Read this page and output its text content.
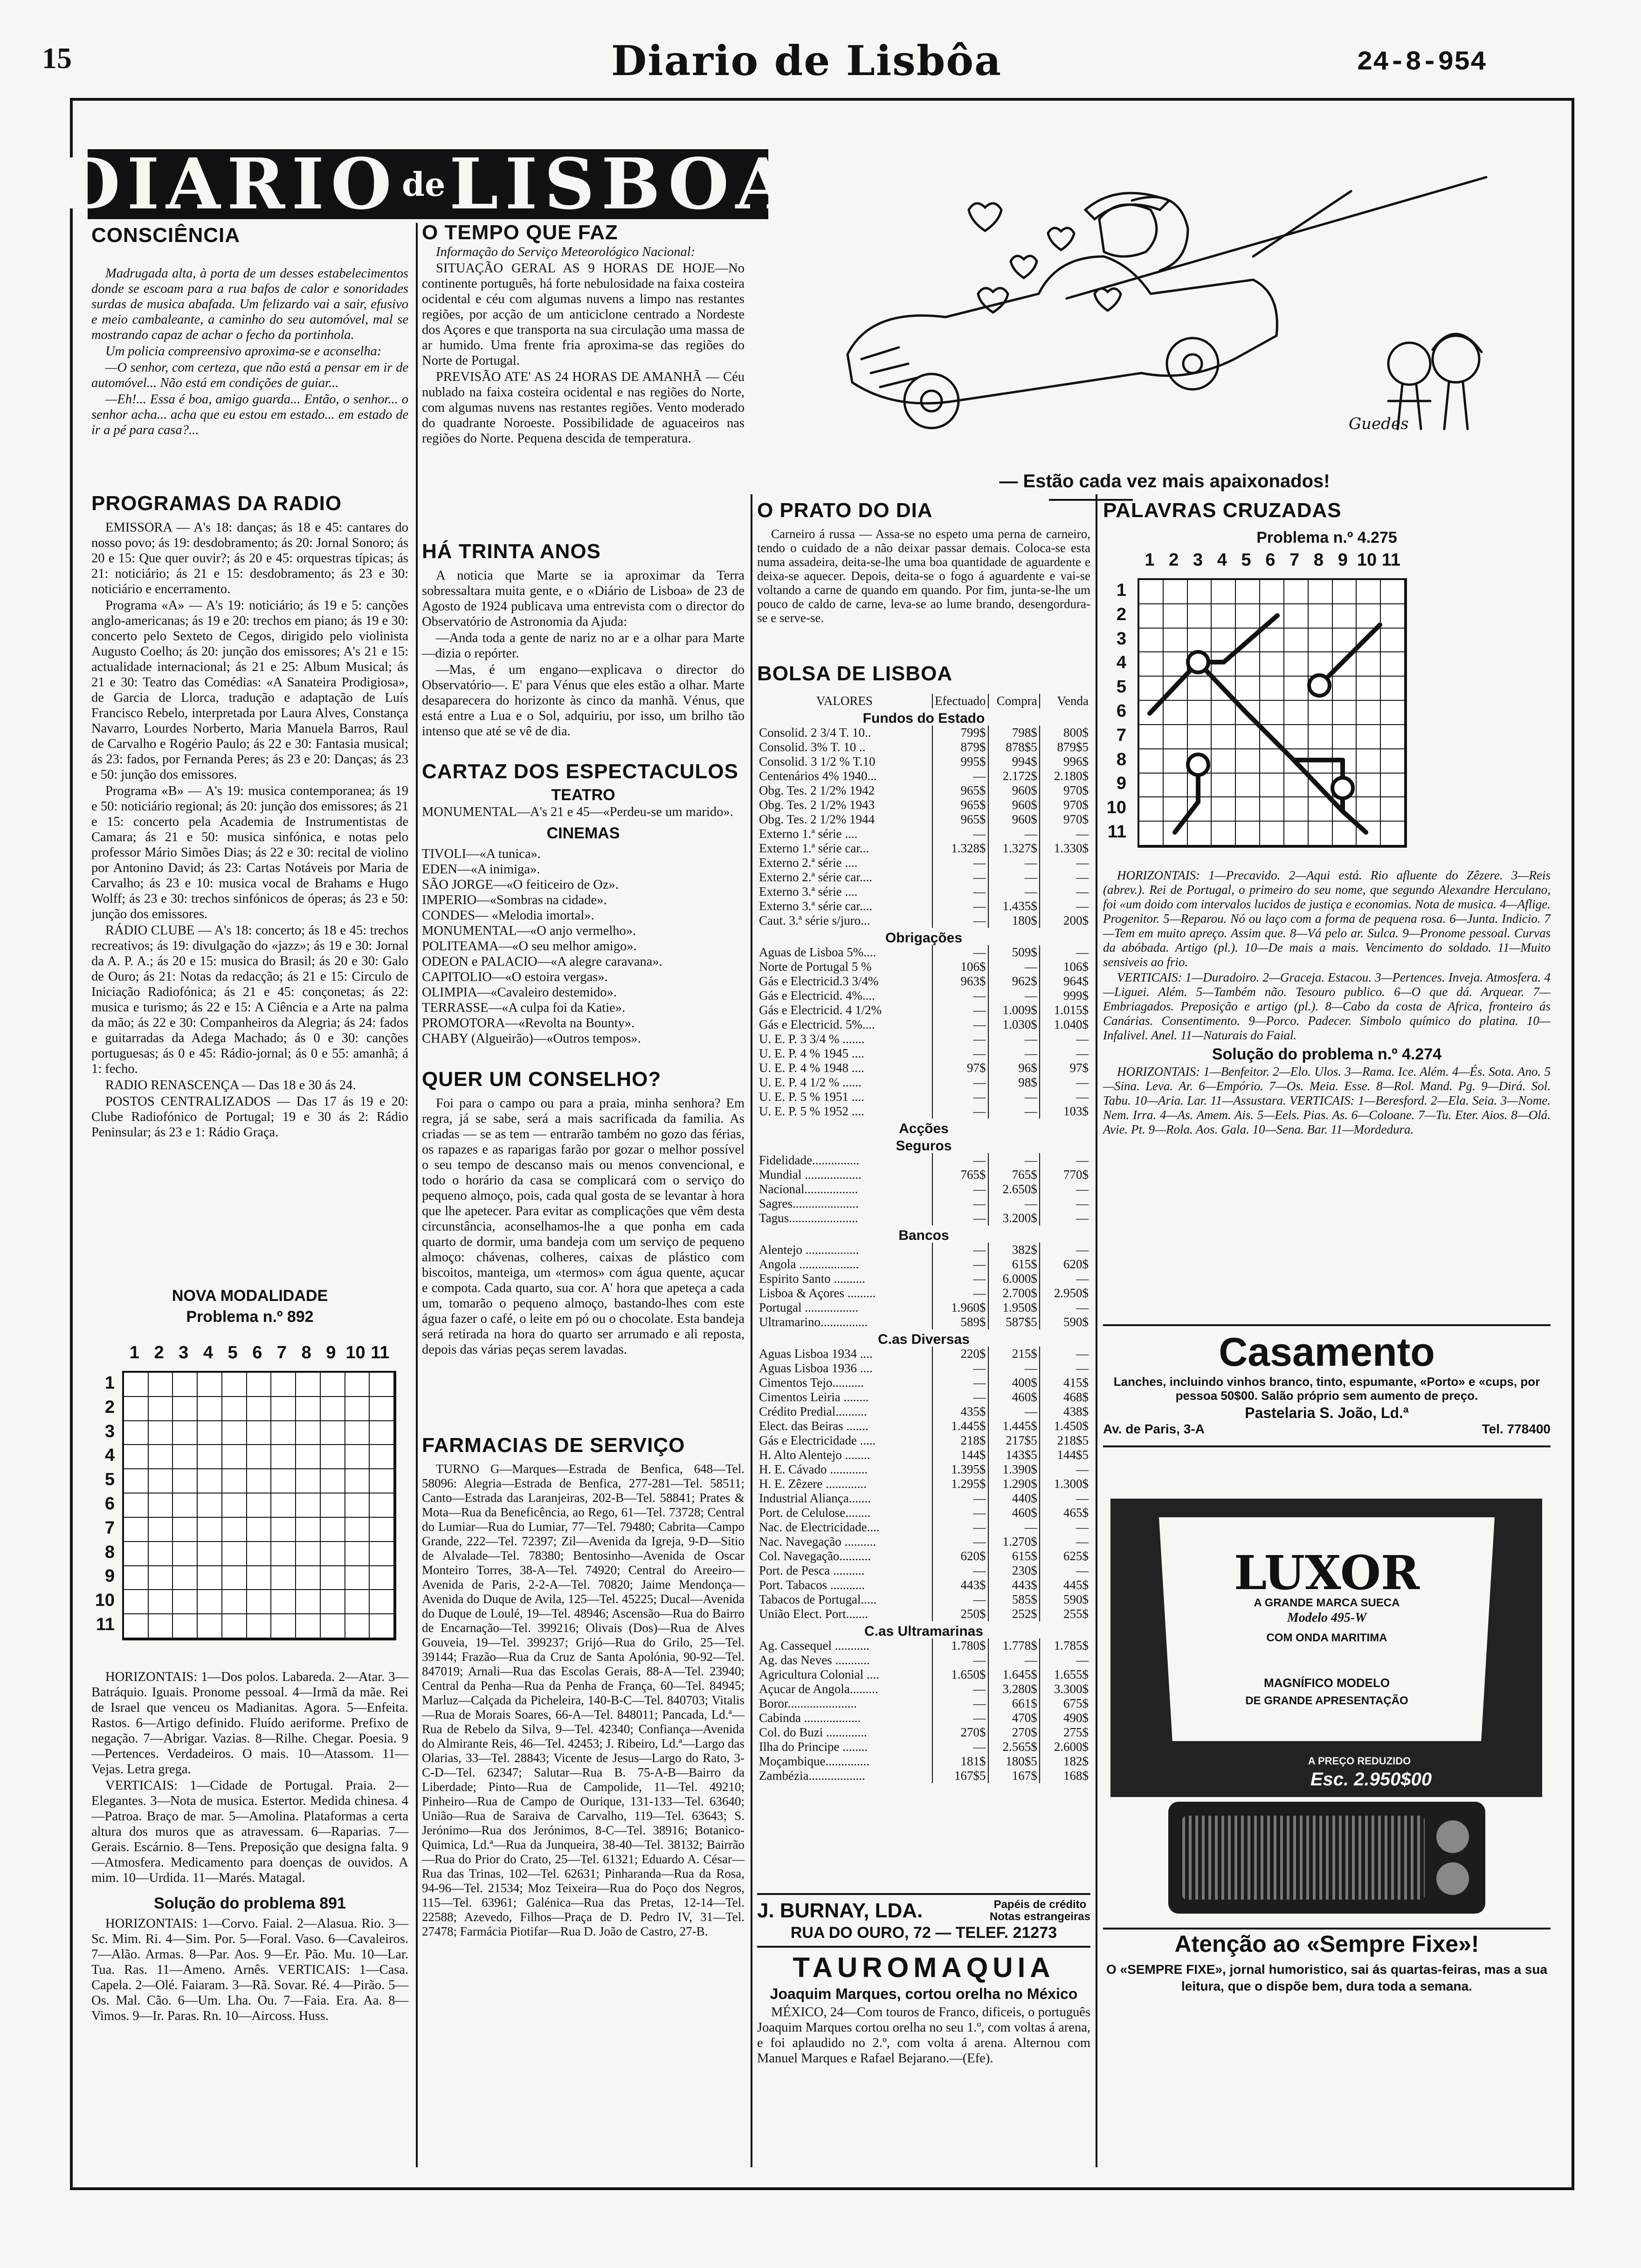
15	Diario de Lisbôa	24-8-954
DIARIO de LISBOA
CONSCIÊNCIA

Madrugada alta, à porta de um desses estabelecimentos donde se escoam para a rua bafos de calor e sonoridades surdas de musica abafada. Um felizardo vai a sair, efusivo e meio cambaleante, a caminho do seu automóvel, mal se mostrando capaz de achar o fecho da portinhola.

Um policia compreensivo aproxima-se e aconselha:

—O senhor, com certeza, que não está a pensar em ir de automóvel... Não está em condições de guiar...

—Eh!... Essa é boa, amigo guarda... Então, o senhor... o senhor acha... acha que eu estou em estado... em estado de ir a pé para casa?...

PROGRAMAS DA RADIO

EMISSORA — A's 18: danças; ás 18 e 45: cantares do nosso povo; ás 19: desdobramento; ás 20: Jornal Sonoro; ás 20 e 15: Que quer ouvir?; ás 20 e 45: orquestras típicas; ás 21: noticiário; ás 21 e 15: desdobramento; ás 23 e 30: noticiário e encerramento.

Programa «A» — A's 19: noticiário; ás 19 e 5: canções anglo-americanas; ás 19 e 20: trechos em piano; ás 19 e 30: concerto pelo Sexteto de Cegos, dirigido pelo violinista Augusto Coelho; ás 20: junção dos emissores; A's 21 e 15: actualidade internacional; ás 21 e 25: Album Musical; ás 21 e 30: Teatro das Comédias: «A Sanateira Prodigiosa», de Garcia de Llorca, tradução e adaptação de Luís Francisco Rebelo, interpretada por Laura Alves, Constança Navarro, Lourdes Norberto, Maria Manuela Barros, Raul de Carvalho e Rogério Paulo; ás 22 e 30: Fantasia musical; ás 23: fados, por Fernanda Peres; ás 23 e 20: Danças; ás 23 e 50: junção dos emissores.

Programa «B» — A's 19: musica contemporanea; ás 19 e 50: noticiário regional; ás 20: junção dos emissores; ás 21 e 15: concerto pela Academia de Instrumentistas de Camara; ás 21 e 50: musica sinfónica, e notas pelo professor Mário Simões Dias; ás 22 e 30: recital de violino por Antonino David; ás 23: Cartas Notáveis por Maria de Carvalho; ás 23 e 10: musica vocal de Brahams e Hugo Wolff; ás 23 e 30: trechos sinfónicos de óperas; ás 23 e 50: junção dos emissores.

RÁDIO CLUBE — A's 18: concerto; ás 18 e 45: trechos recreativos; ás 19: divulgação do «jazz»; ás 19 e 30: Jornal da A. P. A.; ás 20 e 15: musica do Brasil; ás 20 e 30: Galo de Ouro; ás 21: Notas da redacção; ás 21 e 15: Circulo de Iniciação Radiofónica; ás 21 e 45: conçonetas; ás 22: musica e turismo; ás 22 e 15: A Ciência e a Arte na palma da mão; ás 22 e 30: Companheiros da Alegria; ás 24: fados e guitarradas da Adega Machado; ás 0 e 30: canções portuguesas; ás 0 e 45: Rádio-jornal; ás 0 e 55: amanhã; á 1: fecho.

RADIO RENASCENÇA — Das 18 e 30 ás 24.

POSTOS CENTRALIZADOS — Das 17 ás 19 e 20: Clube Radiofónico de Portugal; 19 e 30 ás 2: Rádio Peninsular; ás 23 e 1: Rádio Graça.

NOVA MODALIDADE
Problema n.º 892
1 2 3 4 5 6 7 8 9 10 11
1
2
3
4
5
6
7
8
9
10
11

HORIZONTAIS: 1—Dos polos. Labareda. 2—Atar. 3—Batráquio. Iguais. Pronome pessoal. 4—Irmã da mãe. Rei de Israel que venceu os Madianitas. Agora. 5—Enfeita. Rastos. 6—Artigo definido. Fluído aeriforme. Prefixo de negação. 7—Abrigar. Vazias. 8—Rilhe. Chegar. Poesia. 9—Pertences. Verdadeiros. O mais. 10—Atassom. 11—Vejas. Letra grega.

VERTICAIS: 1—Cidade de Portugal. Praia. 2—Elegantes. 3—Nota de musica. Estertor. Medida chinesa. 4—Patroa. Braço de mar. 5—Amolina. Plataformas a certa altura dos muros que as atravessam. 6—Raparias. 7—Gerais. Escárnio. 8—Tens. Preposição que designa falta. 9—Atmosfera. Medicamento para doenças de ouvidos. A mim. 10—Urdida. 11—Marés. Matagal.

Solução do problema 891

HORIZONTAIS: 1—Corvo. Faial. 2—Alasua. Rio. 3—Sc. Mim. Ri. 4—Sim. Por. 5—Foral. Vaso. 6—Cavaleiros. 7—Alão. Armas. 8—Par. Aos. 9—Er. Pão. Mu. 10—Lar. Tua. Ras. 11—Ameno. Arnês. VERTICAIS: 1—Casa. Capela. 2—Olé. Faiaram. 3—Rã. Sovar. Ré. 4—Pirão. 5—Os. Mal. Cão. 6—Um. Lha. Ou. 7—Faia. Era. Aa. 8—Vimos. 9—Ir. Paras. Rn. 10—Aircoss. Huss.

O TEMPO QUE FAZ

Informação do Serviço Meteorológico Nacional:

SITUAÇÃO GERAL AS 9 HORAS DE HOJE—No continente português, há forte nebulosidade na faixa costeira ocidental e céu com algumas nuvens a limpo nas restantes regiões, por acção de um anticiclone centrado a Nordeste dos Açores e que transporta na sua circulação uma massa de ar humido. Uma frente fria aproxima-se das regiões do Norte de Portugal.

PREVISÃO ATE' AS 24 HORAS DE AMANHÃ — Céu nublado na faixa costeira ocidental e nas regiões do Norte, com algumas nuvens nas restantes regiões. Vento moderado do quadrante Noroeste. Possibilidade de aguaceiros nas regiões do Norte. Pequena descida de temperatura.

HÁ TRINTA ANOS

A noticia que Marte se ia aproximar da Terra sobressaltara muita gente, e o «Diário de Lisboa» de 23 de Agosto de 1924 publicava uma entrevista com o director do Observatório de Astronomia da Ajuda:

—Anda toda a gente de nariz no ar e a olhar para Marte—dizia o repórter.

—Mas, é um engano—explicava o director do Observatório—. E' para Vénus que eles estão a olhar. Marte desaparecera do horizonte às cinco da manhã. Vénus, que está entre a Lua e o Sol, adquiriu, por isso, um brilho tão intenso que até se vê de dia.

CARTAZ DOS ESPECTACULOS
TEATRO

MONUMENTAL—A's 21 e 45—«Perdeu-se um marido».

CINEMAS
TIVOLI—«A tunica».
EDEN—«A inimiga».
SÃO JORGE—«O feiticeiro de Oz».
IMPERIO—«Sombras na cidade».
CONDES— «Melodia imortal».
MONUMENTAL—«O anjo vermelho».
POLITEAMA—«O seu melhor amigo».
ODEON e PALACIO—«A alegre caravana».
CAPITOLIO—«O estoira vergas».
OLIMPIA—«Cavaleiro destemido».
TERRASSE—«A culpa foi da Katie».
PROMOTORA—«Revolta na Bounty».
CHABY (Algueirão)—«Outros tempos».
QUER UM CONSELHO?

Foi para o campo ou para a praia, minha senhora? Em regra, já se sabe, será a mais sacrificada da familia. As criadas — se as tem — entrarão também no gozo das férias, os rapazes e as raparigas farão por gozar o melhor possível o seu tempo de descanso mais ou menos convencional, e todo o horário da casa se complicará com o serviço do pequeno almoço, pois, cada qual gosta de se levantar à hora que lhe apetecer. Para evitar as complicações que vêm desta circunstância, aconselhamos-lhe a que ponha em cada quarto de dormir, uma bandeja com um serviço de pequeno almoço: chávenas, colheres, caixas de plástico com biscoitos, manteiga, um «termos» com água quente, açucar e compota. Cada quarto, sua cor. A' hora que apeteça a cada um, tomarão o pequeno almoço, bastando-lhes com este água fazer o café, o leite em pó ou o chocolate. Esta bandeja será retirada na hora do quarto ser arrumado e ali reposta, depois das várias peças serem lavadas.

FARMACIAS DE SERVIÇO

TURNO G—Marques—Estrada de Benfica, 648—Tel. 58096: Alegria—Estrada de Benfica, 277-281—Tel. 58511; Canto—Estrada das Laranjeiras, 202-B—Tel. 58841; Prates & Mota—Rua da Beneficência, ao Rego, 61—Tel. 73728; Central do Lumiar—Rua do Lumiar, 77—Tel. 79480; Cabrita—Campo Grande, 222—Tel. 72397; Zil—Avenida da Igreja, 9-D—Sitio de Alvalade—Tel. 78380; Bentosinho—Avenida de Oscar Monteiro Torres, 38-A—Tel. 74920; Central do Areeiro—Avenida de Paris, 2-2-A—Tel. 70820; Jaime Mendonça—Avenida do Duque de Avila, 125—Tel. 45225; Ducal—Avenida do Duque de Loulé, 19—Tel. 48946; Ascensão—Rua do Bairro de Encarnação—Tel. 399216; Olivais (Dos)—Rua de Alves Gouveia, 19—Tel. 399237; Grijó—Rua do Grilo, 25—Tel. 39144; Frazão—Rua da Cruz de Santa Apolónia, 90-92—Tel. 847019; Arnali—Rua das Escolas Gerais, 88-A—Tel. 23940; Central da Penha—Rua da Penha de França, 60—Tel. 84945; Marluz—Calçada da Picheleira, 140-B-C—Tel. 840703; Vitalis—Rua de Morais Soares, 66-A—Tel. 848011; Pancada, Ld.ª—Rua de Rebelo da Silva, 9—Tel. 42340; Confiança—Avenida do Almirante Reis, 46—Tel. 42453; J. Ribeiro, Ld.ª—Largo das Olarias, 33—Tel. 28843; Vicente de Jesus—Largo do Rato, 3-C-D—Tel. 62347; Salutar—Rua B. 75-A-B—Bairro da Liberdade; Pinto—Rua de Campolide, 11—Tel. 49210; Pinheiro—Rua de Campo de Ourique, 131-133—Tel. 63640; União—Rua de Saraiva de Carvalho, 119—Tel. 63643; S. Jerónimo—Rua dos Jerónimos, 8-C—Tel. 38916; Botanico-Quimica, Ld.ª—Rua da Junqueira, 38-40—Tel. 38132; Bairrão—Rua do Prior do Crato, 25—Tel. 61321; Eduardo A. César—Rua das Trinas, 102—Tel. 62631; Pinharanda—Rua da Rosa, 94-96—Tel. 21534; Moz Teixeira—Rua do Poço dos Negros, 115—Tel. 63961; Galénica—Rua das Pretas, 12-14—Tel. 22588; Azevedo, Filhos—Praça de D. Pedro IV, 31—Tel. 27478; Farmácia Piotifar—Rua D. João de Castro, 27-B.

Guedes
— Estão cada vez mais apaixonados!
O PRATO DO DIA

Carneiro á russa — Assa-se no espeto uma perna de carneiro, tendo o cuidado de a não deixar passar demais. Coloca-se esta numa assadeira, deita-se-lhe uma boa quantidade de aguardente e deixa-se aquecer. Depois, deita-se o fogo á aguardente e vai-se voltando a carne de quando em quando. Por fim, junta-se-lhe um pouco de caldo de carne, leva-se ao lume brando, desengordura-se e serve-se.

BOLSA DE LISBOA
VALORES	Efectuado	Compra	Venda
Fundos do Estado			
Consolid. 2 3/4 T. 10..	799$	798$	800$
Consolid. 3% T. 10 ..	879$	878$5	879$5
Consolid. 3 1/2 % T.10	995$	994$	996$
Centenários 4% 1940...	—	2.172$	2.180$
Obg. Tes. 2 1/2% 1942	965$	960$	970$
Obg. Tes. 2 1/2% 1943	965$	960$	970$
Obg. Tes. 2 1/2% 1944	965$	960$	970$
Externo 1.ª série ....	—	—	—
Externo 1.ª série car...	1.328$	1.327$	1.330$
Externo 2.ª série ....	—	—	—
Externo 2.ª série car....	—	—	—
Externo 3.ª série ....	—	—	—
Externo 3.ª série car....	—	1.435$	—
Caut. 3.ª série s/juro...	—	180$	200$
Obrigações			
Aguas de Lisboa 5%....	—	509$	—
Norte de Portugal 5 %	106$	—	106$
Gás e Electricid.3 3/4%	963$	962$	964$
Gás e Electricid. 4%....	—	—	999$
Gás e Electricid. 4 1/2%	—	1.009$	1.015$
Gás e Electricid. 5%....	—	1.030$	1.040$
U. E. P. 3 3/4 % .......	—	—	—
U. E. P. 4 % 1945 ....	—	—	—
U. E. P. 4 % 1948 ....	97$	96$	97$
U. E. P. 4 1/2 % ......	—	98$	—
U. E. P. 5 % 1951 ....	—	—	—
U. E. P. 5 % 1952 ....	—	—	103$
Acções			
Seguros			
Fidelidade...............	—	—	—
Mundial ..................	765$	765$	770$
Nacional.................	—	2.650$	—
Sagres.....................	—	—	—
Tagus......................	—	3.200$	—
Bancos			
Alentejo .................	—	382$	—
Angola ...................	—	615$	620$
Espirito Santo ..........	—	6.000$	—
Lisboa & Açores .........	—	2.700$	2.950$
Portugal .................	1.960$	1.950$	—
Ultramarino...............	589$	587$5	590$
C.as Diversas			
Aguas Lisboa 1934 ....	220$	215$	—
Aguas Lisboa 1936 ....	—	—	—
Cimentos Tejo..........	—	400$	415$
Cimentos Leiria ........	—	460$	468$
Crédito Predial..........	435$	—	438$
Elect. das Beiras .......	1.445$	1.445$	1.450$
Gás e Electricidade .....	218$	217$5	218$5
H. Alto Alentejo ........	144$	143$5	144$5
H. E. Cávado ............	1.395$	1.390$	—
H. E. Zêzere .............	1.295$	1.290$	1.300$
Industrial Aliança.......	—	440$	—
Port. de Celulose........	—	460$	465$
Nac. de Electricidade....	—	—	—
Nac. Navegação ..........	—	1.270$	—
Col. Navegação..........	620$	615$	625$
Port. de Pesca ..........	—	230$	—
Port. Tabacos ...........	443$	443$	445$
Tabacos de Portugal.....	—	585$	590$
União Elect. Port.......	250$	252$	255$
C.as Ultramarinas			
Ag. Cassequel ...........	1.780$	1.778$	1.785$
Ag. das Neves ...........	—	—	—
Agricultura Colonial ....	1.650$	1.645$	1.655$
Açucar de Angola.........	—	3.280$	3.300$
Boror......................	—	661$	675$
Cabinda ..................	—	470$	490$
Col. do Buzi .............	270$	270$	275$
Ilha do Principe ........	—	2.565$	2.600$
Moçambique..............	181$	180$5	182$
Zambézia..................	167$5	167$	168$
J. BURNAY, LDA.	Papéis de crédito
Notas estrangeiras
RUA DO OURO, 72 — TELEF. 21273
TAUROMAQUIA
Joaquim Marques, cortou orelha no México

MÉXICO, 24—Com touros de Franco, dificeis, o português Joaquim Marques cortou orelha no seu 1.º, com voltas á arena, e foi aplaudido no 2.º, com volta á arena. Alternou com Manuel Marques e Rafael Bejarano.—(Efe).

PALAVRAS CRUZADAS
Problema n.º 4.275
1 2 3 4 5 6 7 8 9 10 11
1
2
3
4
5
6
7
8
9
10
11

HORIZONTAIS: 1—Precavido. 2—Aqui está. Rio afluente do Zêzere. 3—Reis (abrev.). Rei de Portugal, o primeiro do seu nome, que segundo Alexandre Herculano, foi «um doido com intervalos lucidos de justiça e economias. Nota de musica. 4—Aflige. Progenitor. 5—Reparou. Nó ou laço com a forma de pequena rosa. 6—Junta. Indicio. 7—Tem em muito apreço. Assim que. 8—Vá pelo ar. Sulca. 9—Pronome pessoal. Curvas da abóbada. Artigo (pl.). 10—De mais a mais. Vencimento do soldado. 11—Muito sensiveis ao frio.

VERTICAIS: 1—Duradoiro. 2—Graceja. Estacou. 3—Pertences. Inveja. Atmosfera. 4—Liguei. Além. 5—Também não. Tesouro publico. 6—O que dá. Arquear. 7—Embriagados. Preposição e artigo (pl.). 8—Cabo da costa de Africa, fronteiro ás Canárias. Consentimento. 9—Porco. Padecer. Simbolo químico do platina. 10—Infalivel. Anel. 11—Naturais do Faial.

Solução do problema n.º 4.274

HORIZONTAIS: 1—Benfeitor. 2—Elo. Ulos. 3—Rama. Ice. Além. 4—És. Sota. Ano. 5—Sina. Leva. Ar. 6—Empório. 7—Os. Meia. Esse. 8—Rol. Mand. Pg. 9—Dirá. Sol. Tabu. 10—Aria. Lar. 11—Assustara. VERTICAIS: 1—Beresford. 2—Ela. Seia. 3—Nome. Nem. Irra. 4—As. Amem. Ais. 5—Eels. Pias. As. 6—Coloane. 7—Tu. Eter. Aios. 8—Olá. Avie. Pt. 9—Rola. Aos. Gala. 10—Sena. Bar. 11—Mordedura.

Casamento
Lanches, incluindo vinhos branco, tinto, espumante, «Porto» e «cups, por pessoa 50$00. Salão próprio sem aumento de preço.
Pastelaria S. João, Ld.ª
Av. de Paris, 3-A	Tel. 778400
LUXOR
A GRANDE MARCA SUECA
Modelo 495-W
COM ONDA MARITIMA
MAGNÍFICO MODELO
DE GRANDE APRESENTAÇÃO
A PREÇO REDUZIDO
Esc. 2.950$00
Atenção ao «Sempre Fixe»!
O «SEMPRE FIXE», jornal humoristico, sai ás quartas-feiras, mas a sua leitura, que o dispõe bem, dura toda a semana.
